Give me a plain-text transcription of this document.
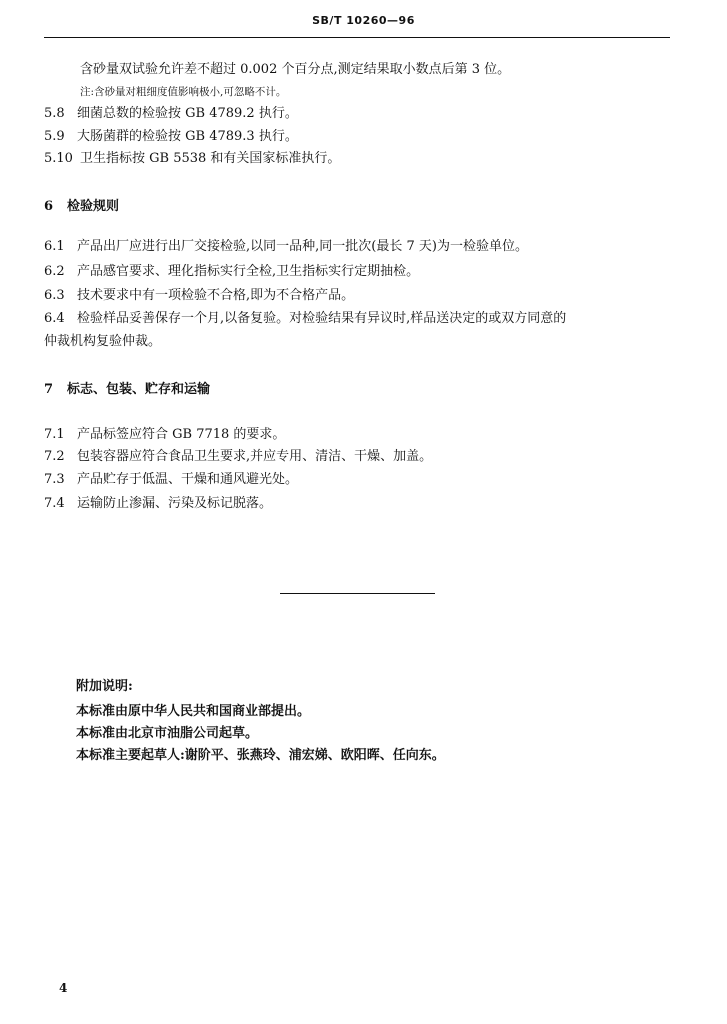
SB/T 10260—96
含砂量双试验允许差不超过 0.002 个百分点,测定结果取小数点后第 3 位。
注:含砂量对粗细度值影响极小,可忽略不计。
5.8 细菌总数的检验按 GB 4789.2 执行。
5.9 大肠菌群的检验按 GB 4789.3 执行。
5.10 卫生指标按 GB 5538 和有关国家标准执行。
6 检验规则
6.1 产品出厂应进行出厂交接检验,以同一品种,同一批次(最长 7 天)为一检验单位。
6.2 产品感官要求、理化指标实行全检,卫生指标实行定期抽检。
6.3 技术要求中有一项检验不合格,即为不合格产品。
6.4 检验样品妥善保存一个月,以备复验。对检验结果有异议时,样品送决定的或双方同意的
仲裁机构复验仲裁。
7 标志、包装、贮存和运输
7.1 产品标签应符合 GB 7718 的要求。
7.2 包装容器应符合食品卫生要求,并应专用、清洁、干燥、加盖。
7.3 产品贮存于低温、干燥和通风避光处。
7.4 运输防止渗漏、污染及标记脱落。
附加说明:
本标准由原中华人民共和国商业部提出。
本标准由北京市油脂公司起草。
本标准主要起草人:谢阶平、张燕玲、浦宏娣、欧阳晖、任向东。
4
